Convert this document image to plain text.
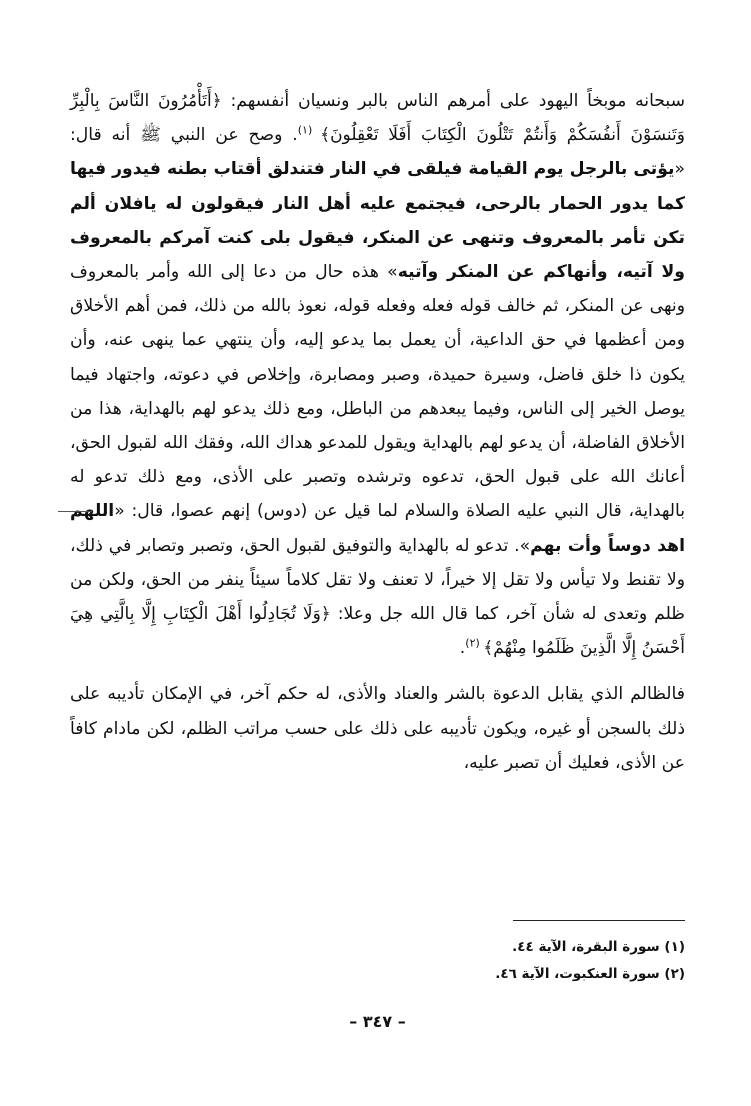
سبحانه موبخاً اليهود على أمرهم الناس بالبر ونسيان أنفسهم: ﴿أَتَأْمُرُونَ النَّاسَ بِالْبِرِّ وَتَنسَوْنَ أَنفُسَكُمْ وَأَنتُمْ تَتْلُونَ الْكِتَابَ أَفَلَا تَعْقِلُونَ﴾ $^{(١)}$. وصح عن النبي ﷺ أنه قال: «يؤتى بالرجل يوم القيامة فيلقى في النار فتندلق أقتاب بطنه فيدور فيها كما يدور الحمار بالرحى، فيجتمع عليه أهل النار فيقولون له يافلان ألم تكن تأمر بالمعروف وتنهى عن المنكر، فيقول بلى كنت آمركم بالمعروف ولا آتيه، وأنهاكم عن المنكر وآتيه» هذه حال من دعا إلى الله وأمر بالمعروف ونهى عن المنكر، ثم خالف قوله فعله وفعله قوله، نعوذ بالله من ذلك، فمن أهم الأخلاق ومن أعظمها في حق الداعية، أن يعمل بما يدعو إليه، وأن ينتهي عما ينهى عنه، وأن يكون ذا خلق فاضل، وسيرة حميدة، وصبر ومصابرة، وإخلاص في دعوته، واجتهاد فيما يوصل الخير إلى الناس، وفيما يبعدهم من الباطل، ومع ذلك يدعو لهم بالهداية، هذا من الأخلاق الفاضلة، أن يدعو لهم بالهداية ويقول للمدعو هداك الله، وفقك الله لقبول الحق، أعانك الله على قبول الحق، تدعوه وترشده وتصبر على الأذى، ومع ذلك تدعو له بالهداية، قال النبي عليه الصلاة والسلام لما قيل عن (دوس) إنهم عصوا، قال: «اللهم اهد دوساً وأت بهم». تدعو له بالهداية والتوفيق لقبول الحق، وتصبر وتصابر في ذلك، ولا تقنط ولا تيأس ولا تقل إلا خيراً، لا تعنف ولا تقل كلاماً سيئاً ينفر من الحق، ولكن من ظلم وتعدى له شأن آخر، كما قال الله جل وعلا: ﴿وَلَا تُجَادِلُوا أَهْلَ الْكِتَابِ إِلَّا بِالَّتِي هِيَ أَحْسَنُ إِلَّا الَّذِينَ ظَلَمُوا مِنْهُمْ﴾ $^{(٢)}$.

فالظالم الذي يقابل الدعوة بالشر والعناد والأذى، له حكم آخر، في الإمكان تأديبه على ذلك بالسجن أو غيره، ويكون تأديبه على ذلك على حسب مراتب الظلم، لكن مادام كافاً عن الأذى، فعليك أن تصبر عليه،

(١) سورة البقرة، الآية ٤٤.
(٢) سورة العنكبوت، الآية ٤٦.
– ٣٤٧ –
